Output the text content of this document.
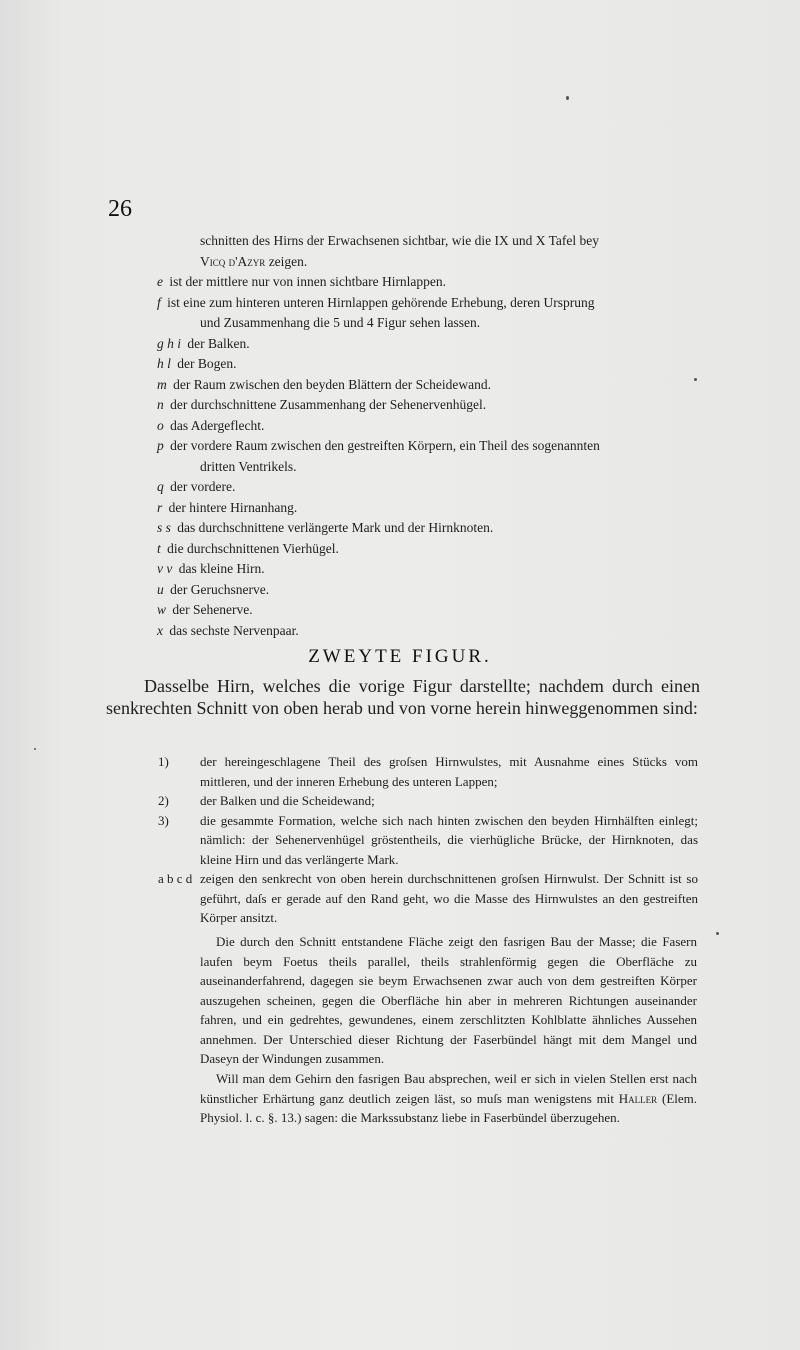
26
schnitten des Hirns der Erwachsenen sichtbar, wie die IX und X Tafel bey
Vicq d'Azyr zeigen.
e ist der mittlere nur von innen sichtbare Hirnlappen.
f ist eine zum hinteren unteren Hirnlappen gehörende Erhebung, deren Ursprung
und Zusammenhang die 5 und 4 Figur sehen lassen.
g h i der Balken.
h l der Bogen.
m der Raum zwischen den beyden Blättern der Scheidewand.
n der durchschnittene Zusammenhang der Sehenervenhügel.
o das Adergeflecht.
p der vordere Raum zwischen den gestreiften Körpern, ein Theil des sogenannten
dritten Ventrikels.
q der vordere.
r der hintere Hirnanhang.
s s das durchschnittene verlängerte Mark und der Hirnknoten.
t die durchschnittenen Vierhügel.
v v das kleine Hirn.
u der Geruchsnerve.
w der Sehenerve.
x das sechste Nervenpaar.
ZWEYTE FIGUR.
Dasselbe Hirn, welches die vorige Figur darstellte; nachdem durch einen senkrechten Schnitt von oben herab und von vorne herein hinweggenommen sind:
1)	der hereingeschlagene Theil des groſsen Hirnwulstes, mit Ausnahme eines Stücks vom mittleren, und der inneren Erhebung des unteren Lappen;
2)	der Balken und die Scheidewand;
3)	die gesammte Formation, welche sich nach hinten zwischen den beyden Hirnhälften einlegt; nämlich: der Sehenervenhügel gröstentheils, die vierhügliche Brücke, der Hirnknoten, das kleine Hirn und das verlängerte Mark.
a b c d zeigen den senkrecht von oben herein durchschnittenen groſsen Hirnwulst. Der Schnitt ist so geführt, daſs er gerade auf den Rand geht, wo die Masse des Hirnwulstes an den gestreiften Körper ansitzt.
Die durch den Schnitt entstandene Fläche zeigt den fasrigen Bau der Masse; die Fasern laufen beym Foetus theils parallel, theils strahlenförmig gegen die Oberfläche zu auseinanderfahrend, dagegen sie beym Erwachsenen zwar auch von dem gestreiften Körper auszugehen scheinen, gegen die Oberfläche hin aber in mehreren Richtungen auseinander fahren, und ein gedrehtes, gewundenes, einem zerschlitzten Kohlblatte ähnliches Aussehen annehmen. Der Unterschied dieser Richtung der Faserbündel hängt mit dem Mangel und Daseyn der Windungen zusammen.
Will man dem Gehirn den fasrigen Bau absprechen, weil er sich in vielen Stellen erst nach künstlicher Erhärtung ganz deutlich zeigen läst, so muſs man wenigstens mit Haller (Elem. Physiol. l. c. §. 13.) sagen: die Markssubstanz liebe in Faserbündel überzugehen.
